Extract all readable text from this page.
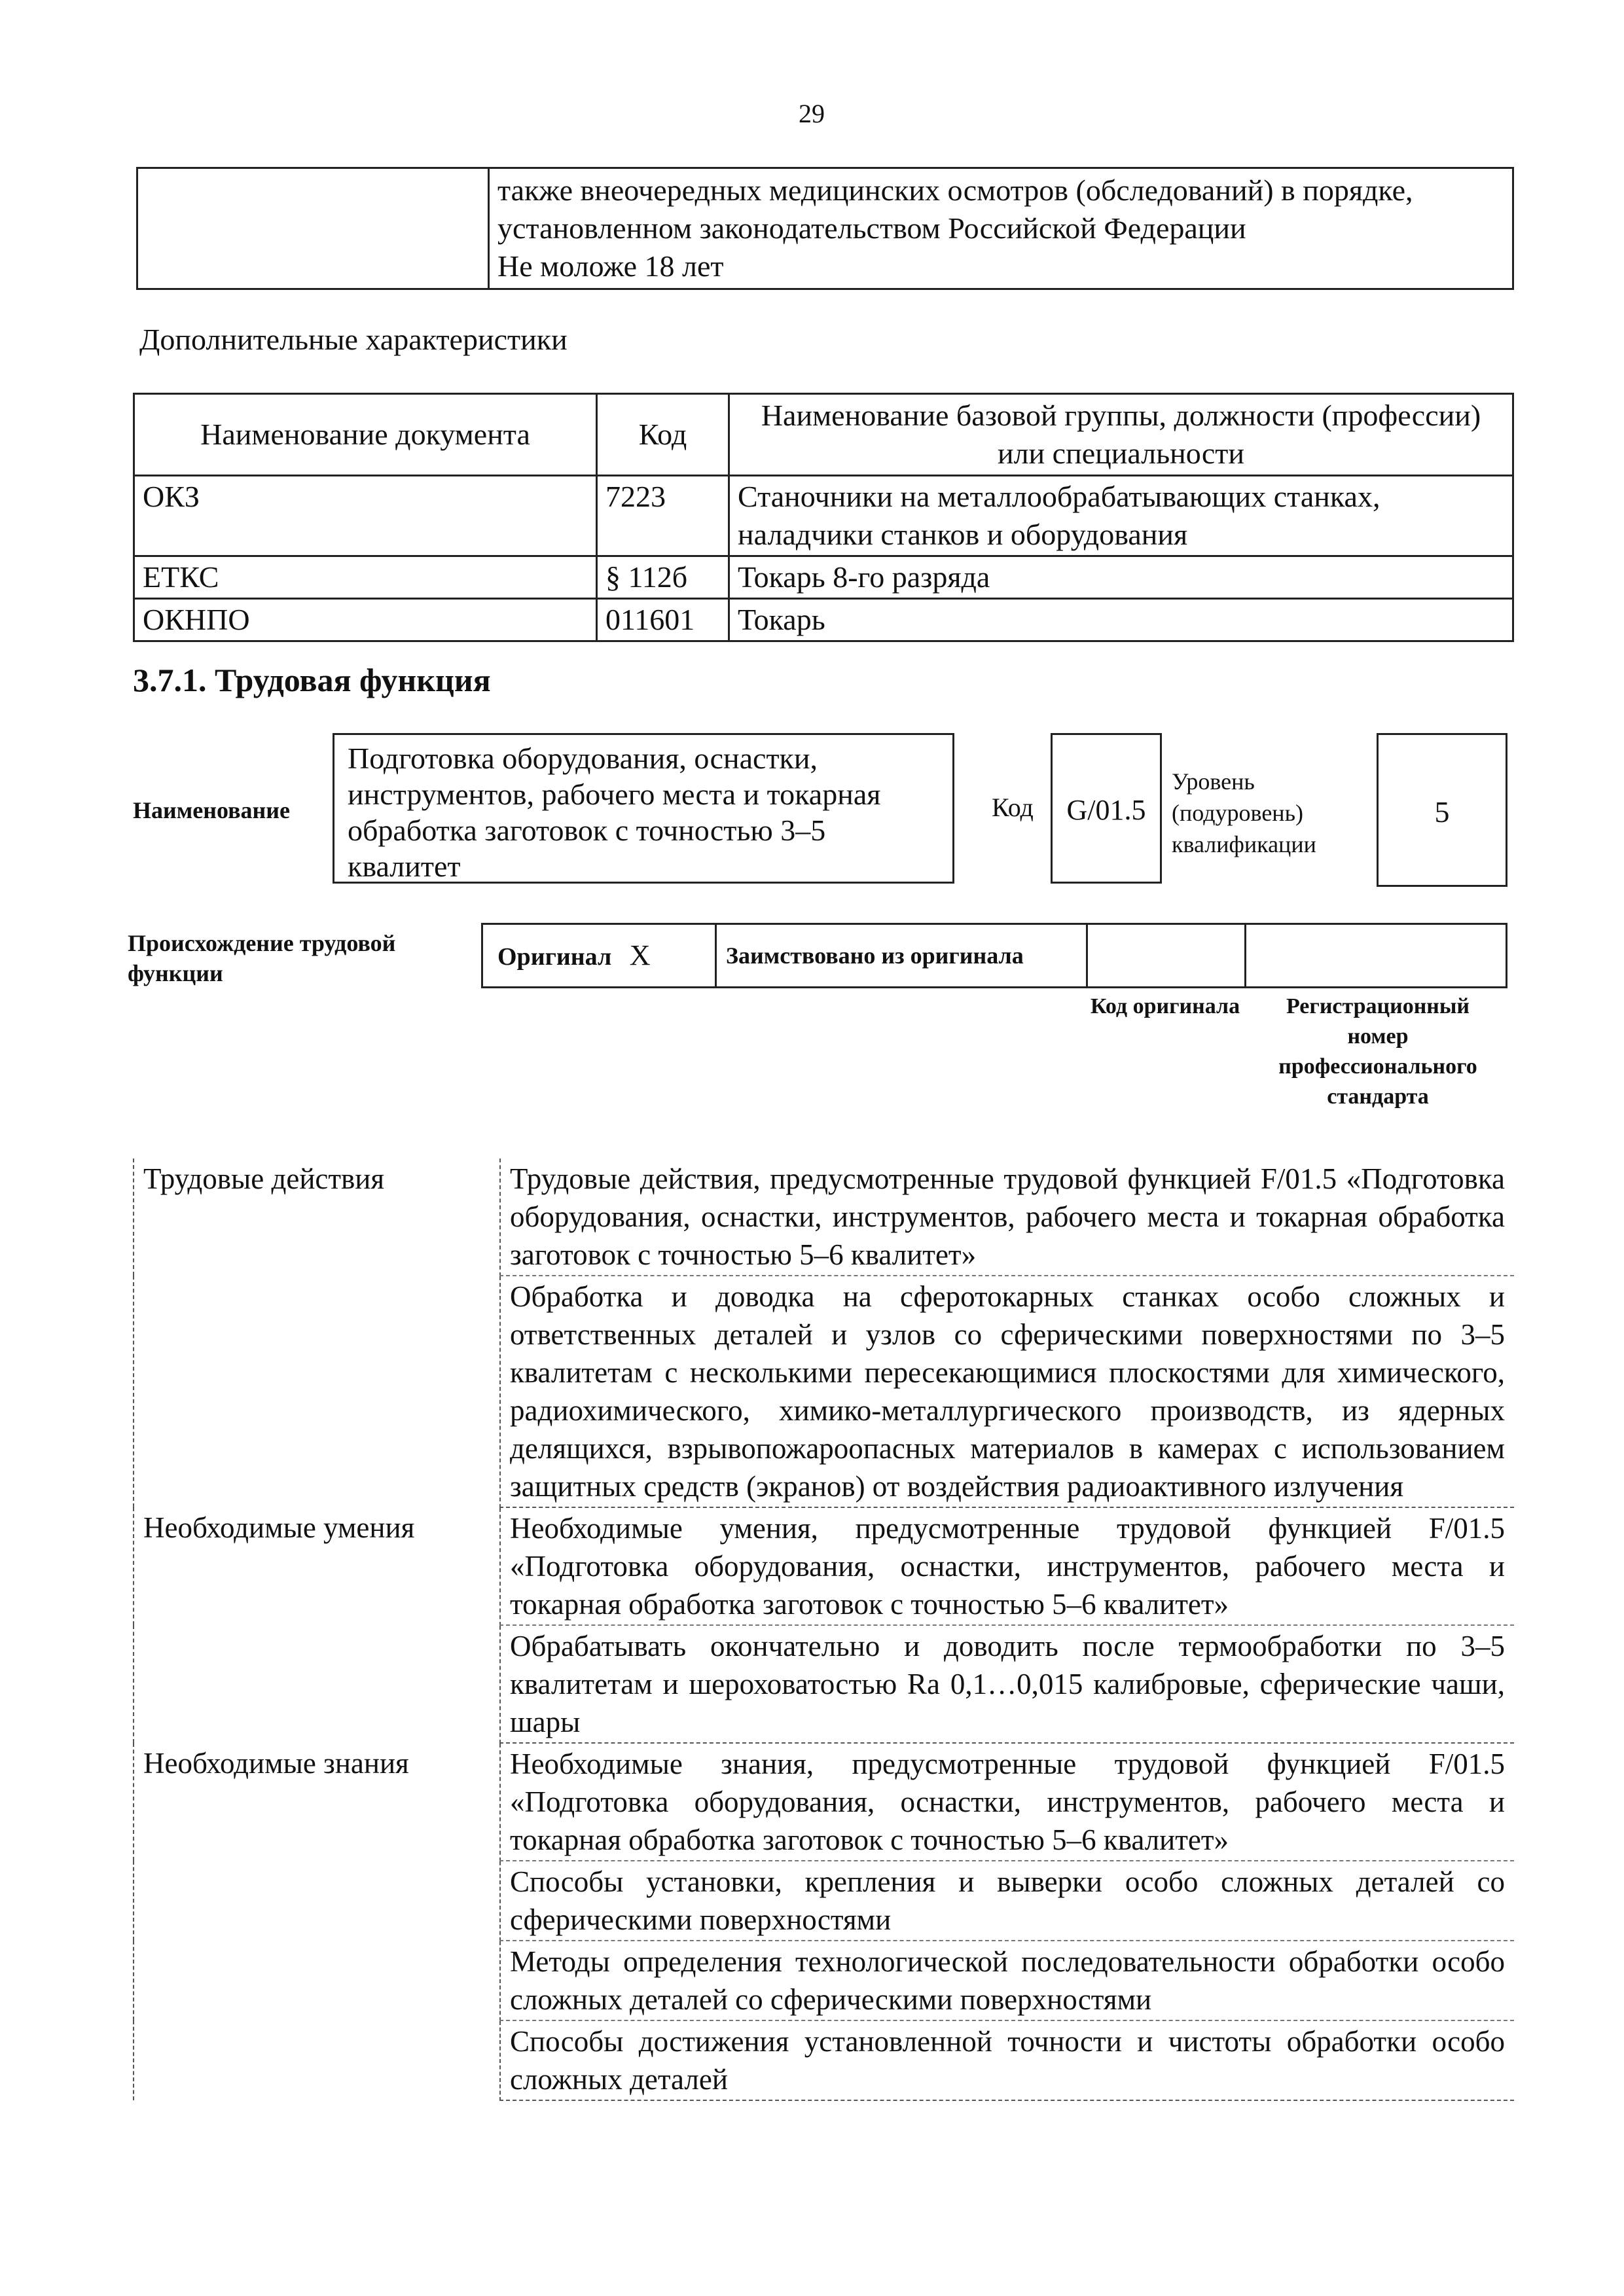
29

также внеочередных медицинских осмотров (обследований) в порядке, установленном законодательством Российской Федерации
Не моложе 18 лет
Дополнительные характеристики
Наименование документа	Код	Наименование базовой группы, должности (профессии) или специальности
ОКЗ	7223	Станочники на металлообрабатывающих станках, наладчики станков и оборудования
ЕТКС	§ 112б	Токарь 8-го разряда
ОКНПО	011601	Токарь
3.7.1. Трудовая функция
Наименование
Подготовка оборудования, оснастки, инструментов, рабочего места и токарная обработка заготовок с точностью 3–5 квалитет
Код	G/01.5
Уровень (подуровень) квалификации
5
Происхождение трудовой функции
Оригинал X	Заимствовано из оригинала
Код оригинала	Регистрационный номер профессионального стандарта
Трудовые действия	Трудовые действия, предусмотренные трудовой функцией F/01.5 «Подготовка оборудования, оснастки, инструментов, рабочего места и токарная обработка заготовок с точностью 5–6 квалитет»
	Обработка и доводка на сферотокарных станках особо сложных и ответственных деталей и узлов со сферическими поверхностями по 3–5 квалитетам с несколькими пересекающимися плоскостями для химического, радиохимического, химико-металлургического производств, из ядерных делящихся, взрывопожароопасных материалов в камерах с использованием защитных средств (экранов) от воздействия радиоактивного излучения
Необходимые умения	Необходимые умения, предусмотренные трудовой функцией F/01.5 «Подготовка оборудования, оснастки, инструментов, рабочего места и токарная обработка заготовок с точностью 5–6 квалитет»
	Обрабатывать окончательно и доводить после термообработки по 3–5 квалитетам и шероховатостью Ra 0,1…0,015 калибровые, сферические чаши, шары
Необходимые знания	Необходимые знания, предусмотренные трудовой функцией F/01.5 «Подготовка оборудования, оснастки, инструментов, рабочего места и токарная обработка заготовок с точностью 5–6 квалитет»
	Способы установки, крепления и выверки особо сложных деталей со сферическими поверхностями
	Методы определения технологической последовательности обработки особо сложных деталей со сферическими поверхностями
	Способы достижения установленной точности и чистоты обработки особо сложных деталей
